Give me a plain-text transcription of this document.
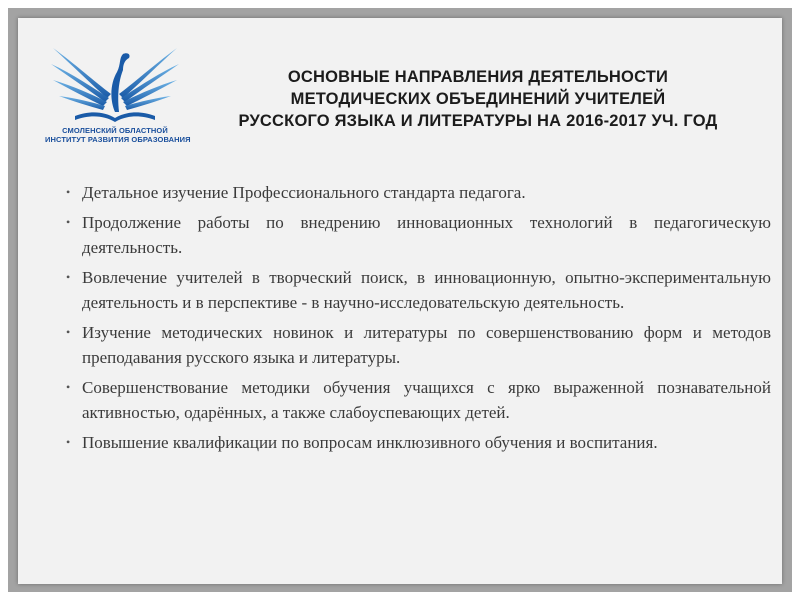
СМОЛЕНСКИЙ ОБЛАСТНОЙ
ИНСТИТУТ РАЗВИТИЯ ОБРАЗОВАНИЯ
ОСНОВНЫЕ НАПРАВЛЕНИЯ ДЕЯТЕЛЬНОСТИ
МЕТОДИЧЕСКИХ ОБЪЕДИНЕНИЙ УЧИТЕЛЕЙ
РУССКОГО ЯЗЫКА И ЛИТЕРАТУРЫ НА 2016-2017 УЧ. ГОД
• Детальное изучение Профессионального стандарта педагога.
• Продолжение работы по внедрению инновационных технологий в педагогическую деятельность.
• Вовлечение учителей в творческий поиск, в инновационную, опытно-экспериментальную деятельность и в перспективе - в научно-исследовательскую деятельность.
• Изучение методических новинок и литературы по совершенствованию форм и методов преподавания русского языка и литературы.
• Совершенствование методики обучения учащихся с ярко выраженной познавательной активностью, одарённых, а также слабоуспевающих детей.
• Повышение квалификации по вопросам инклюзивного обучения и воспитания.
